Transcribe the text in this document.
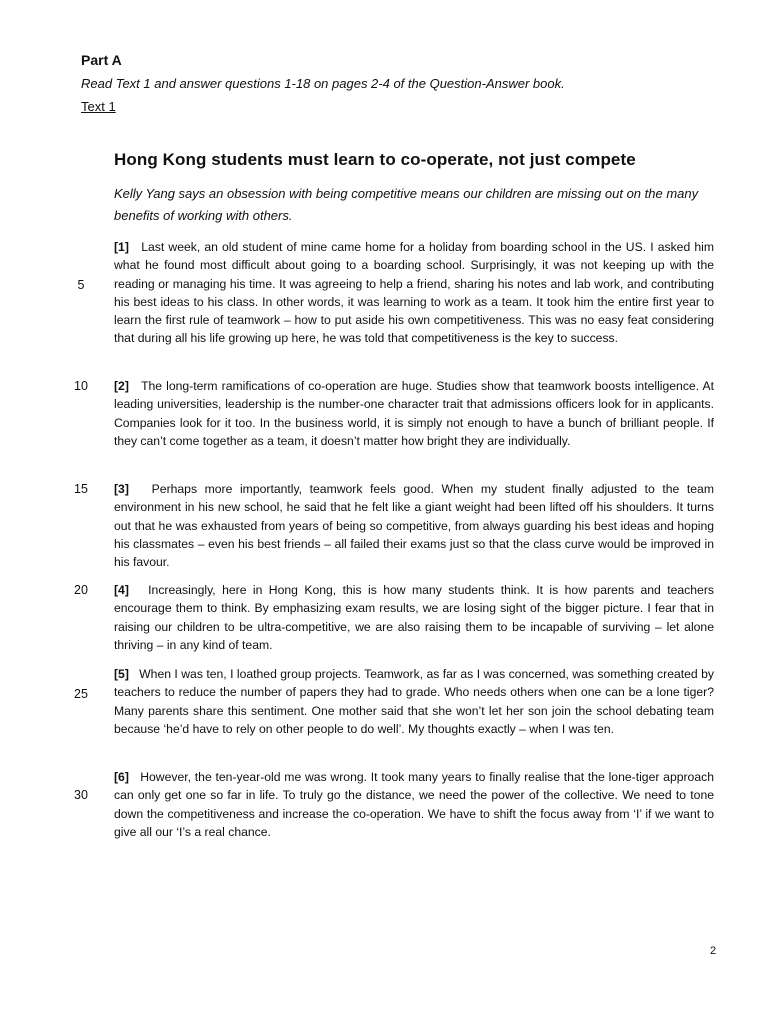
Part A
Read Text 1 and answer questions 1-18 on pages 2-4 of the Question-Answer book.
Text 1
Hong Kong students must learn to co-operate, not just compete
Kelly Yang says an obsession with being competitive means our children are missing out on the many benefits of working with others.
[1] Last week, an old student of mine came home for a holiday from boarding school in the US. I asked him what he found most difficult about going to a boarding school. Surprisingly, it was not keeping up with the reading or managing his time. It was agreeing to help a friend, sharing his notes and lab work, and contributing his best ideas to his class. In other words, it was learning to work as a team. It took him the entire first year to learn the first rule of teamwork – how to put aside his own competitiveness. This was no easy feat considering that during all his life growing up here, he was told that competitiveness is the key to success.
[2] The long-term ramifications of co-operation are huge. Studies show that teamwork boosts intelligence. At leading universities, leadership is the number-one character trait that admissions officers look for in applicants. Companies look for it too. In the business world, it is simply not enough to have a bunch of brilliant people. If they can’t come together as a team, it doesn’t matter how bright they are individually.
[3] Perhaps more importantly, teamwork feels good. When my student finally adjusted to the team environment in his new school, he said that he felt like a giant weight had been lifted off his shoulders. It turns out that he was exhausted from years of being so competitive, from always guarding his best ideas and hoping his classmates – even his best friends – all failed their exams just so that the class curve would be improved in his favour.
[4] Increasingly, here in Hong Kong, this is how many students think. It is how parents and teachers encourage them to think. By emphasizing exam results, we are losing sight of the bigger picture. I fear that in raising our children to be ultra-competitive, we are also raising them to be incapable of surviving – let alone thriving – in any kind of team.
[5] When I was ten, I loathed group projects. Teamwork, as far as I was concerned, was something created by teachers to reduce the number of papers they had to grade. Who needs others when one can be a lone tiger? Many parents share this sentiment. One mother said that she won’t let her son join the school debating team because ‘he’d have to rely on other people to do well’. My thoughts exactly – when I was ten.
[6] However, the ten-year-old me was wrong. It took many years to finally realise that the lone-tiger approach can only get one so far in life. To truly go the distance, we need the power of the collective. We need to tone down the competitiveness and increase the co-operation. We have to shift the focus away from ‘I’ if we want to give all our ‘I’s a real chance.
5
10
15
20
25
30
2
